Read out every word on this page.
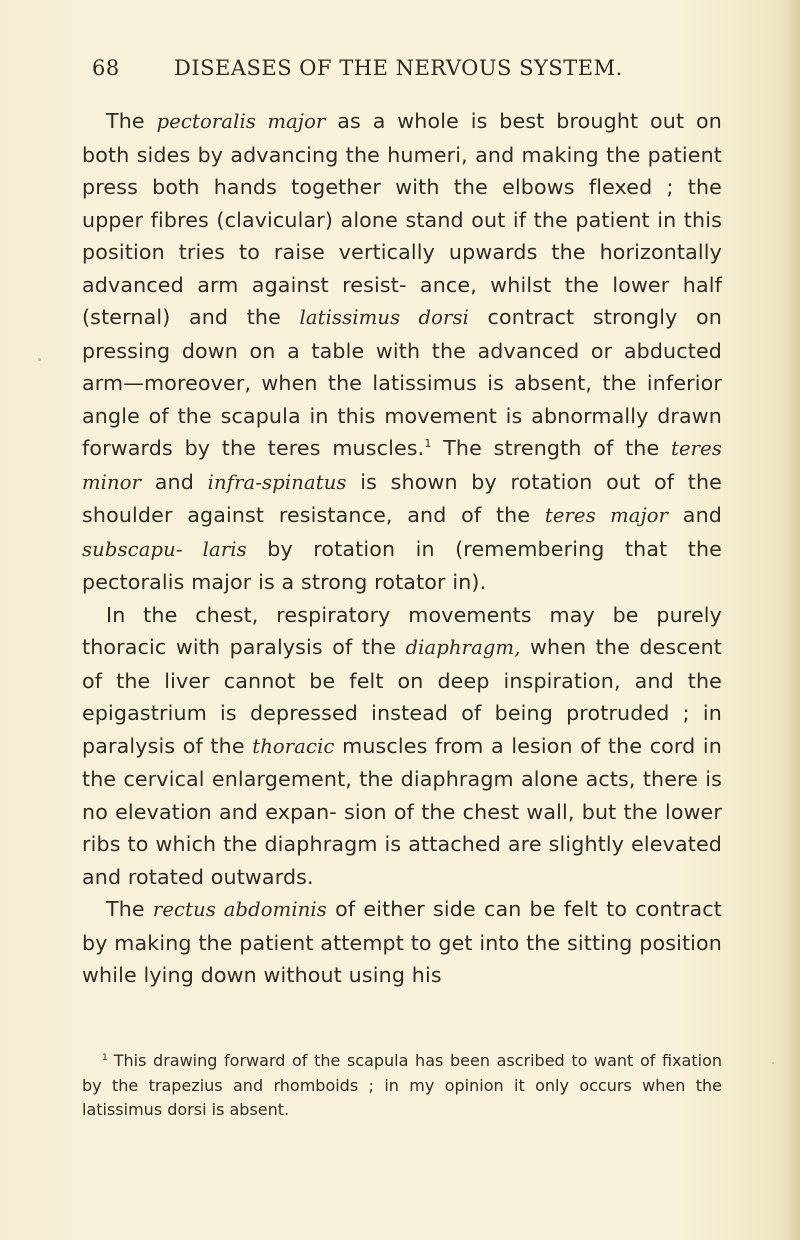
68	DISEASES OF THE NERVOUS SYSTEM.

The pectoralis major as a whole is best brought out on both sides by advancing the humeri, and making the patient press both hands together with the elbows flexed ; the upper fibres (clavicular) alone stand out if the patient in this position tries to raise vertically upwards the horizontally advanced arm against resist- ance, whilst the lower half (sternal) and the latissimus dorsi contract strongly on pressing down on a table with the advanced or abducted arm—moreover, when the latissimus is absent, the inferior angle of the scapula in this movement is abnormally drawn forwards by the teres muscles.$^1$ The strength of the teres minor and infra-spinatus is shown by rotation out of the shoulder against resistance, and of the teres major and subscapu- laris by rotation in (remembering that the pectoralis major is a strong rotator in).

In the chest, respiratory movements may be purely thoracic with paralysis of the diaphragm, when the descent of the liver cannot be felt on deep inspiration, and the epigastrium is depressed instead of being protruded ; in paralysis of the thoracic muscles from a lesion of the cord in the cervical enlargement, the diaphragm alone acts, there is no elevation and expan- sion of the chest wall, but the lower ribs to which the diaphragm is attached are slightly elevated and rotated outwards.

The rectus abdominis of either side can be felt to contract by making the patient attempt to get into the sitting position while lying down without using his

$^1$ This drawing forward of the scapula has been ascribed to want of fixation by the trapezius and rhomboids ; in my opinion it only occurs when the latissimus dorsi is absent.
